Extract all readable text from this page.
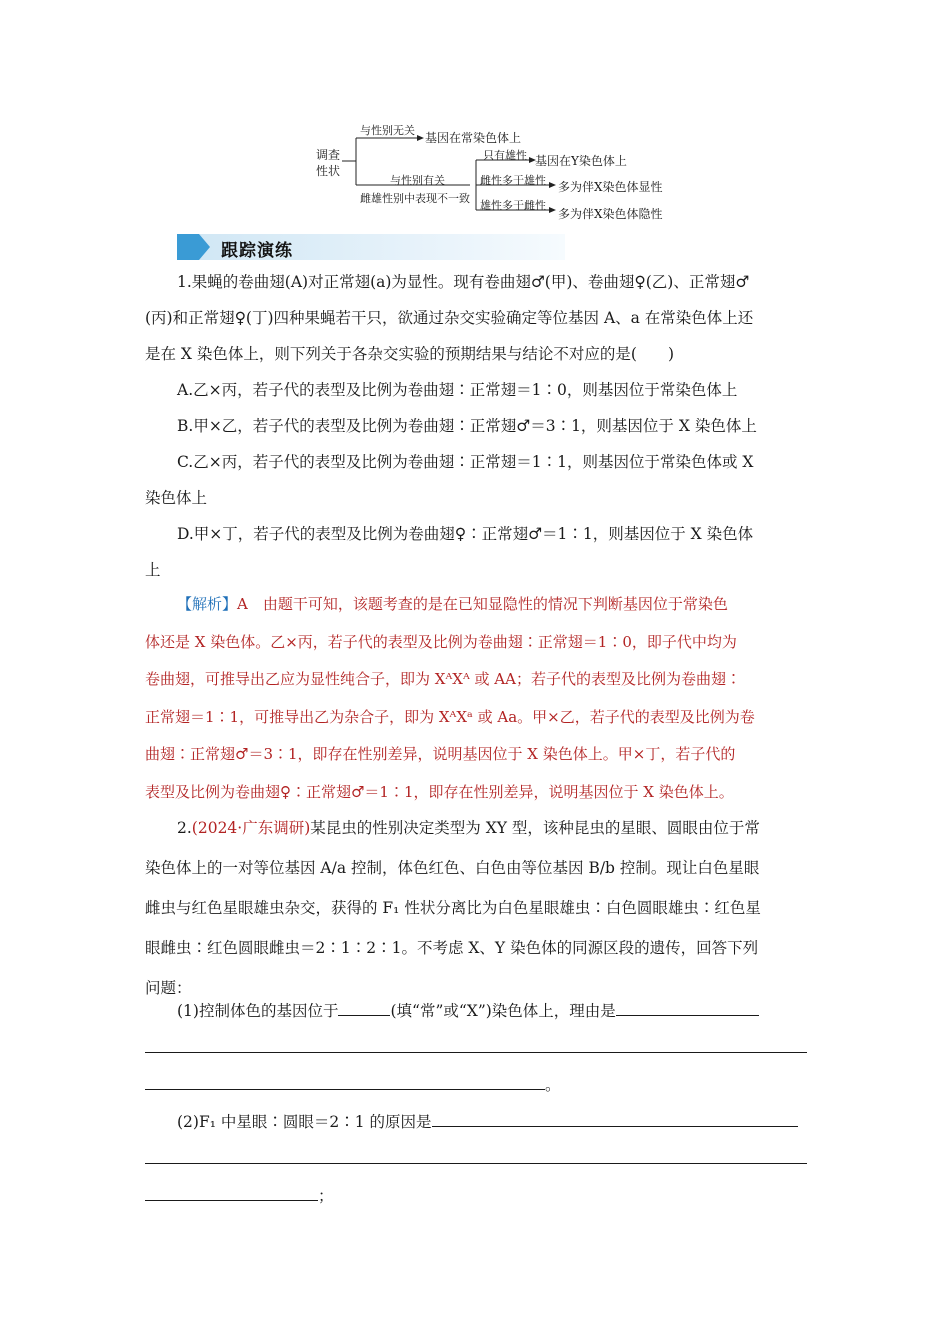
调查
性状
与性别无关
基因在常染色体上
与性别有关
雌雄性别中表现不一致
只有雄性 基因在Y染色体上
雌性多于雄性 多为伴X染色体显性
雄性多于雌性
多为伴X染色体隐性
跟踪演练
1.果蝇的卷曲翅(A)对正常翅(a)为显性。现有卷曲翅♂(甲)、卷曲翅♀(乙)、正常翅♂
(丙)和正常翅♀(丁)四种果蝇若干只，欲通过杂交实验确定等位基因 A、a 在常染色体上还
是在 X 染色体上，则下列关于各杂交实验的预期结果与结论不对应的是(　　)
A.乙×丙，若子代的表型及比例为卷曲翅∶正常翅＝1∶0，则基因位于常染色体上
B.甲×乙，若子代的表型及比例为卷曲翅∶正常翅♂＝3∶1，则基因位于 X 染色体上
C.乙×丙，若子代的表型及比例为卷曲翅∶正常翅＝1∶1，则基因位于常染色体或 X
染色体上
D.甲×丁，若子代的表型及比例为卷曲翅♀∶正常翅♂＝1∶1，则基因位于 X 染色体
上
【解析】A　由题干可知，该题考查的是在已知显隐性的情况下判断基因位于常染色
体还是 X 染色体。乙×丙，若子代的表型及比例为卷曲翅∶正常翅＝1∶0，即子代中均为
卷曲翅，可推导出乙应为显性纯合子，即为 XᴬXᴬ 或 AA；若子代的表型及比例为卷曲翅∶
正常翅＝1∶1，可推导出乙为杂合子，即为 XᴬXᵃ 或 Aa。甲×乙，若子代的表型及比例为卷
曲翅∶正常翅♂＝3∶1，即存在性别差异，说明基因位于 X 染色体上。甲×丁，若子代的
表型及比例为卷曲翅♀∶正常翅♂＝1∶1，即存在性别差异，说明基因位于 X 染色体上。
2.(2024·广东调研)某昆虫的性别决定类型为 XY 型，该种昆虫的星眼、圆眼由位于常
染色体上的一对等位基因 A/a 控制，体色红色、白色由等位基因 B/b 控制。现让白色星眼
雌虫与红色星眼雄虫杂交，获得的 F₁ 性状分离比为白色星眼雄虫∶白色圆眼雄虫∶红色星
眼雌虫∶红色圆眼雌虫＝2∶1∶2∶1。不考虑 X、Y 染色体的同源区段的遗传，回答下列
问题：
(1)控制体色的基因位于	(填“常”或“X”)染色体上，理由是
。
(2)F₁ 中星眼∶圆眼＝2∶1 的原因是
；
